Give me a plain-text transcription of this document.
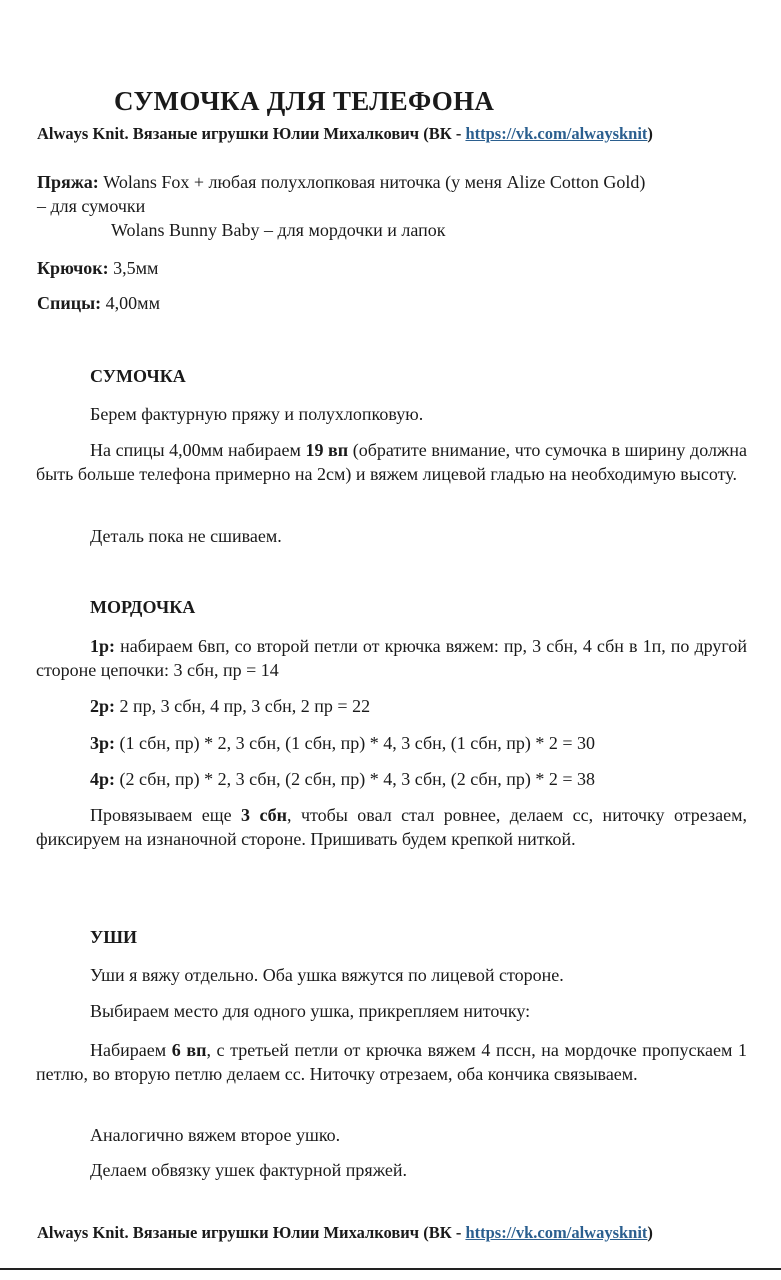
СУМОЧКА ДЛЯ ТЕЛЕФОНА
Always Knit. Вязаные игрушки Юлии Михалкович (ВК - https://vk.com/alwaysknit)
Пряжа: Wolans Fox + любая полухлопковая ниточка (у меня Alize Cotton Gold)
– для сумочки
Wolans Bunny Baby – для мордочки и лапок
Крючок: 3,5мм
Спицы: 4,00мм
СУМОЧКА
Берем фактурную пряжу и полухлопковую.
На спицы 4,00мм набираем 19 вп (обратите внимание, что сумочка в ширину должна быть больше телефона примерно на 2см) и вяжем лицевой гладью на необходимую высоту.
Деталь пока не сшиваем.
МОРДОЧКА
1р: набираем 6вп, со второй петли от крючка вяжем: пр, 3 сбн, 4 сбн в 1п, по другой стороне цепочки: 3 сбн, пр = 14
2р: 2 пр, 3 сбн, 4 пр, 3 сбн, 2 пр = 22
3р: (1 сбн, пр) * 2, 3 сбн, (1 сбн, пр) * 4, 3 сбн, (1 сбн, пр) * 2 = 30
4р: (2 сбн, пр) * 2, 3 сбн, (2 сбн, пр) * 4, 3 сбн, (2 сбн, пр) * 2 = 38
Провязываем еще 3 сбн, чтобы овал стал ровнее, делаем сс, ниточку отрезаем, фиксируем на изнаночной стороне. Пришивать будем крепкой ниткой.
УШИ
Уши я вяжу отдельно. Оба ушка вяжутся по лицевой стороне.
Выбираем место для одного ушка, прикрепляем ниточку:
Набираем 6 вп, с третьей петли от крючка вяжем 4 пссн, на мордочке пропускаем 1 петлю, во вторую петлю делаем сс. Ниточку отрезаем, оба кончика связываем.
Аналогично вяжем второе ушко.
Делаем обвязку ушек фактурной пряжей.
Always Knit. Вязаные игрушки Юлии Михалкович (ВК - https://vk.com/alwaysknit)
